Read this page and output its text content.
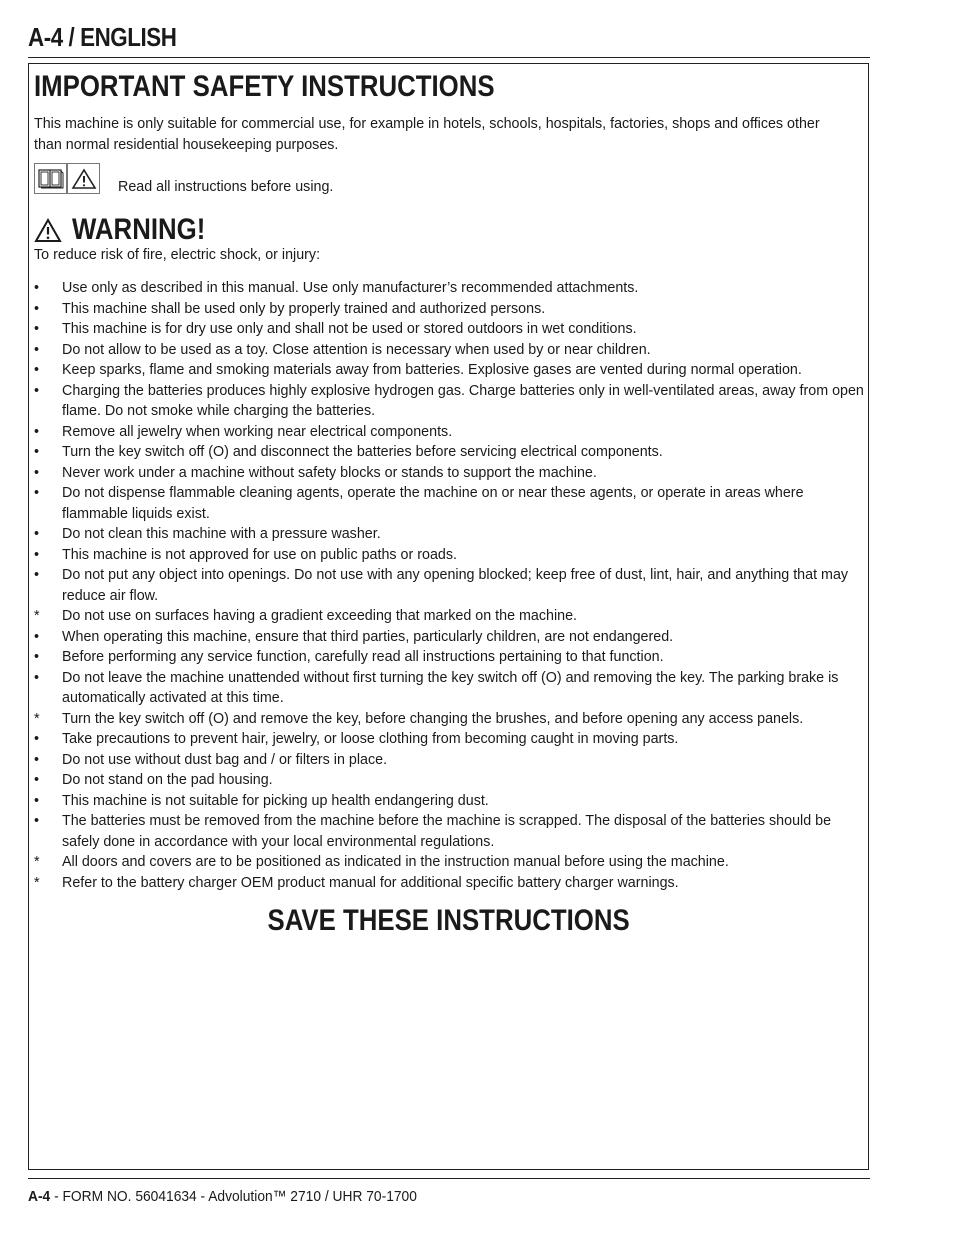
A-4 / ENGLISH
IMPORTANT SAFETY INSTRUCTIONS
This machine is only suitable for commercial use, for example in hotels, schools, hospitals, factories, shops and offices other than normal residential housekeeping purposes.
Read all instructions before using.
WARNING!
To reduce risk of fire, electric shock, or injury:
• Use only as described in this manual. Use only manufacturer’s recommended attachments.
• This machine shall be used only by properly trained and authorized persons.
• This machine is for dry use only and shall not be used or stored outdoors in wet conditions.
• Do not allow to be used as a toy. Close attention is necessary when used by or near children.
• Keep sparks, flame and smoking materials away from batteries. Explosive gases are vented during normal operation.
• Charging the batteries produces highly explosive hydrogen gas. Charge batteries only in well-ventilated areas, away from open flame. Do not smoke while charging the batteries.
• Remove all jewelry when working near electrical components.
• Turn the key switch off (O) and disconnect the batteries before servicing electrical components.
• Never work under a machine without safety blocks or stands to support the machine.
• Do not dispense flammable cleaning agents, operate the machine on or near these agents, or operate in areas where flammable liquids exist.
• Do not clean this machine with a pressure washer.
• This machine is not approved for use on public paths or roads.
• Do not put any object into openings. Do not use with any opening blocked; keep free of dust, lint, hair, and anything that may reduce air flow.
* Do not use on surfaces having a gradient exceeding that marked on the machine.
• When operating this machine, ensure that third parties, particularly children, are not endangered.
• Before performing any service function, carefully read all instructions pertaining to that function.
• Do not leave the machine unattended without first turning the key switch off (O) and removing the key. The parking brake is automatically activated at this time.
* Turn the key switch off (O) and remove the key, before changing the brushes, and before opening any access panels.
• Take precautions to prevent hair, jewelry, or loose clothing from becoming caught in moving parts.
• Do not use without dust bag and / or filters in place.
• Do not stand on the pad housing.
• This machine is not suitable for picking up health endangering dust.
• The batteries must be removed from the machine before the machine is scrapped. The disposal of the batteries should be safely done in accordance with your local environmental regulations.
* All doors and covers are to be positioned as indicated in the instruction manual before using the machine.
* Refer to the battery charger OEM product manual for additional specific battery charger warnings.
SAVE THESE INSTRUCTIONS
A-4 - FORM NO. 56041634 - Advolution™ 2710 / UHR 70-1700
